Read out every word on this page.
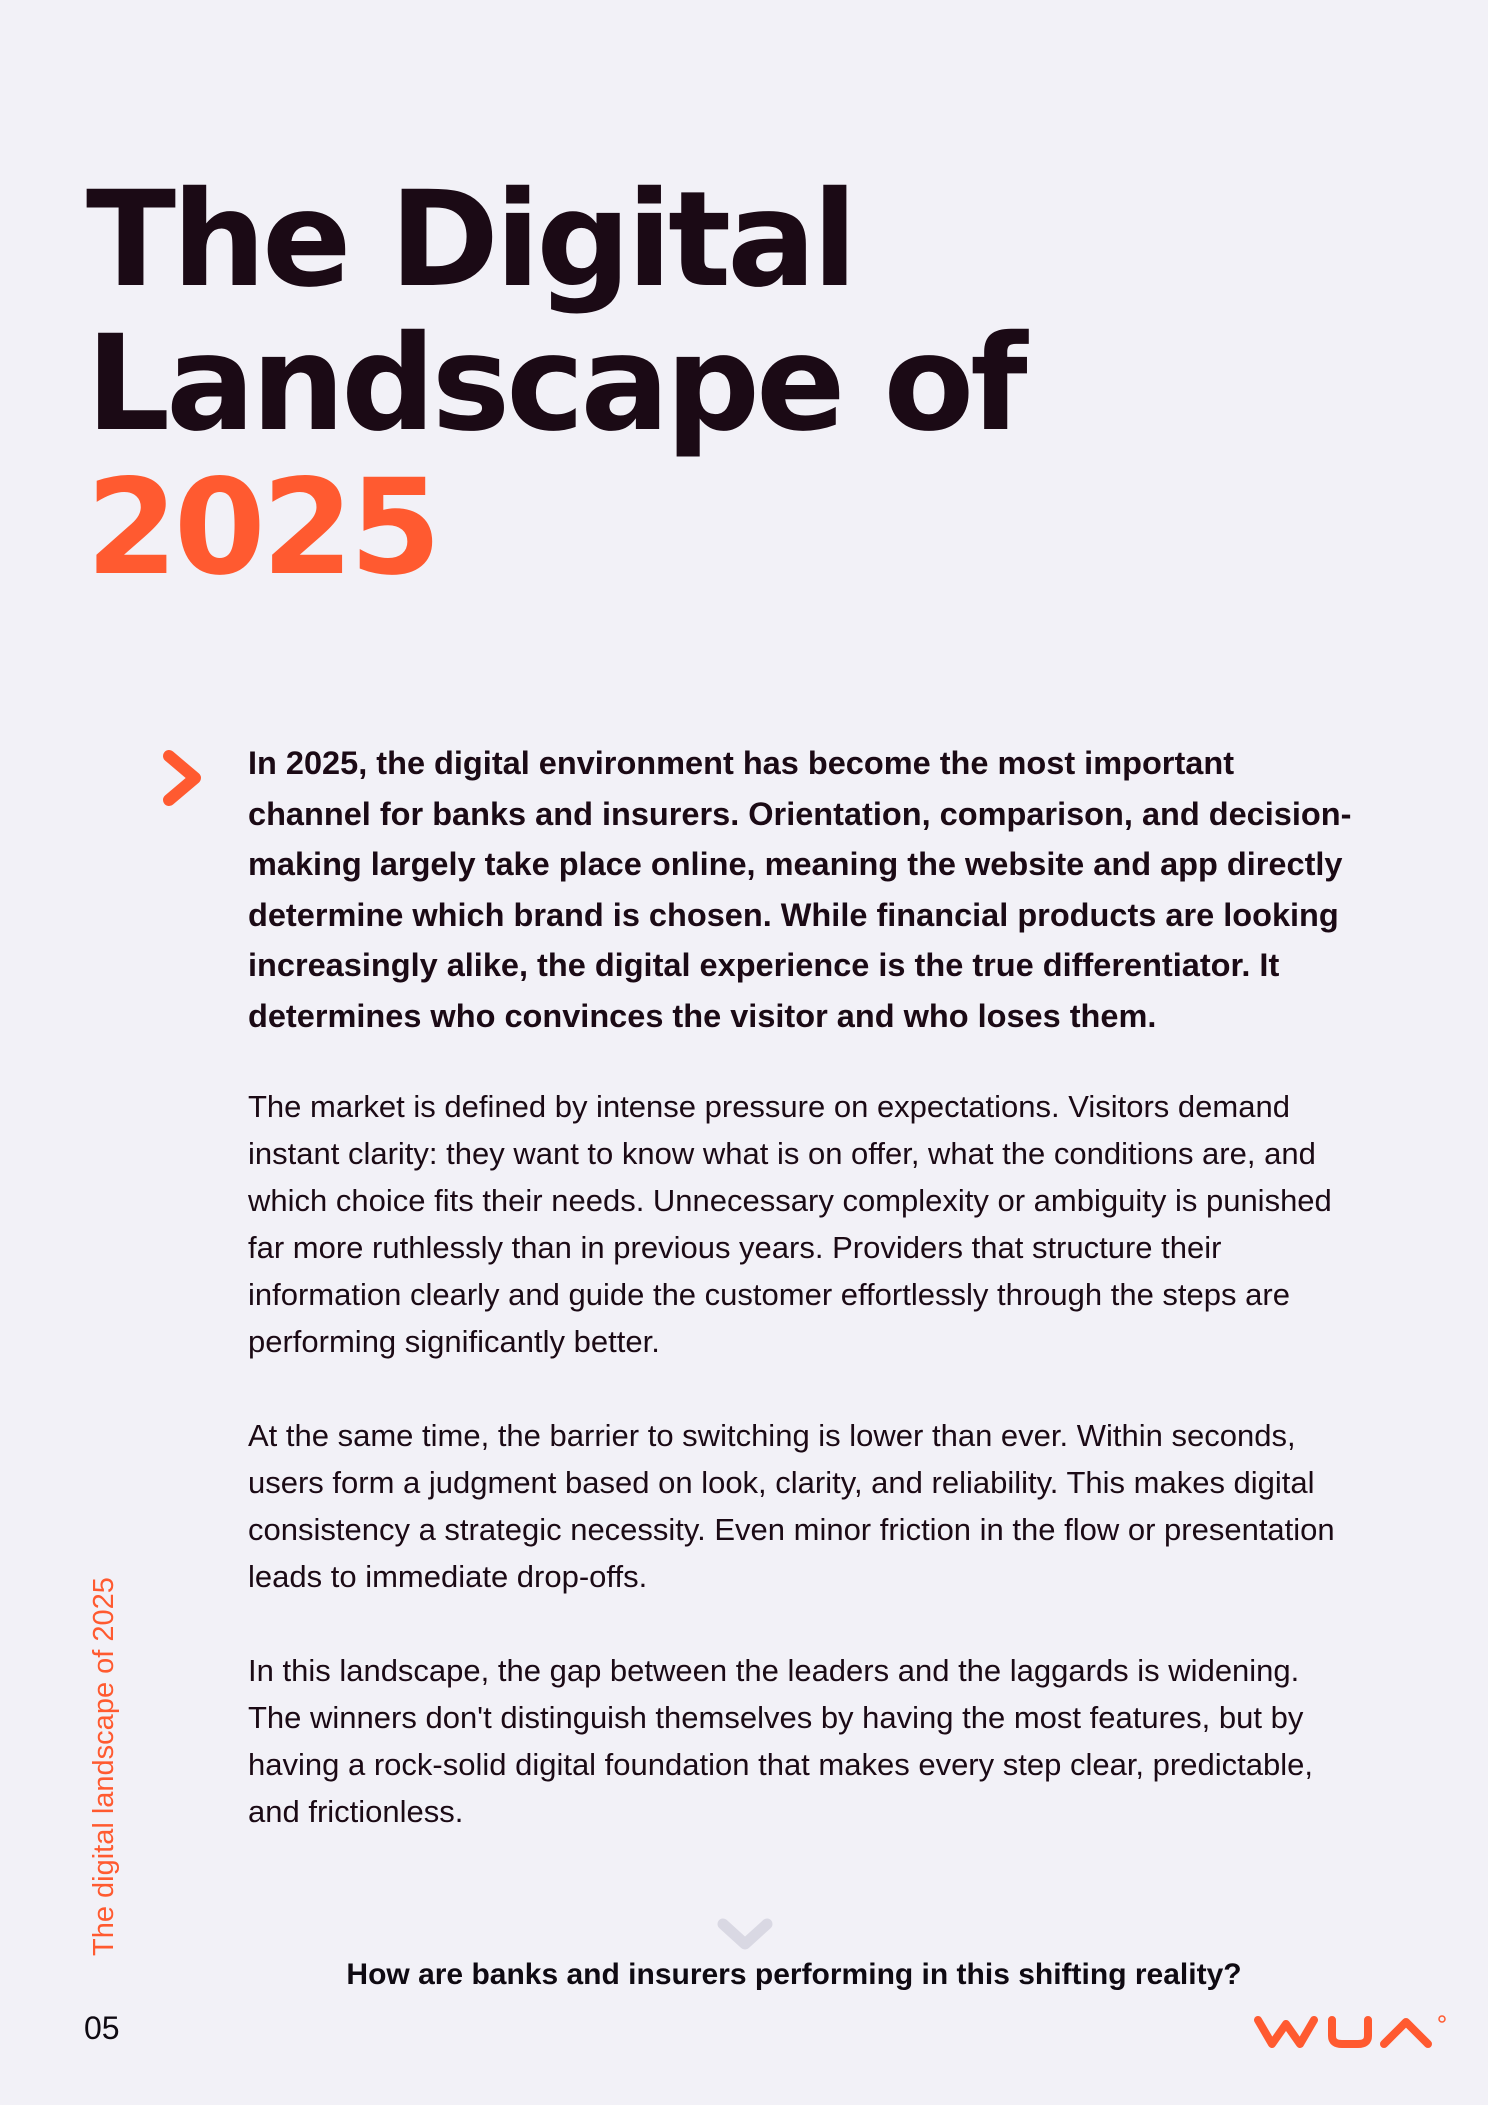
The Digital
Landscape of
2025

In 2025, the digital environment has become the most important channel for banks and insurers. Orientation, comparison, and decision-making largely take place online, meaning the website and app directly determine which brand is chosen. While financial products are looking increasingly alike, the digital experience is the true differentiator. It determines who convinces the visitor and who loses them.

The market is defined by intense pressure on expectations. Visitors demand instant clarity: they want to know what is on offer, what the conditions are, and which choice fits their needs. Unnecessary complexity or ambiguity is punished far more ruthlessly than in previous years. Providers that structure their information clearly and guide the customer effortlessly through the steps are performing significantly better.

At the same time, the barrier to switching is lower than ever. Within seconds, users form a judgment based on look, clarity, and reliability. This makes digital consistency a strategic necessity. Even minor friction in the flow or presentation leads to immediate drop-offs.

In this landscape, the gap between the leaders and the laggards is widening. The winners don't distinguish themselves by having the most features, but by having a rock-solid digital foundation that makes every step clear, predictable, and frictionless.

How are banks and insurers performing in this shifting reality?

The digital landscape of 2025
05
